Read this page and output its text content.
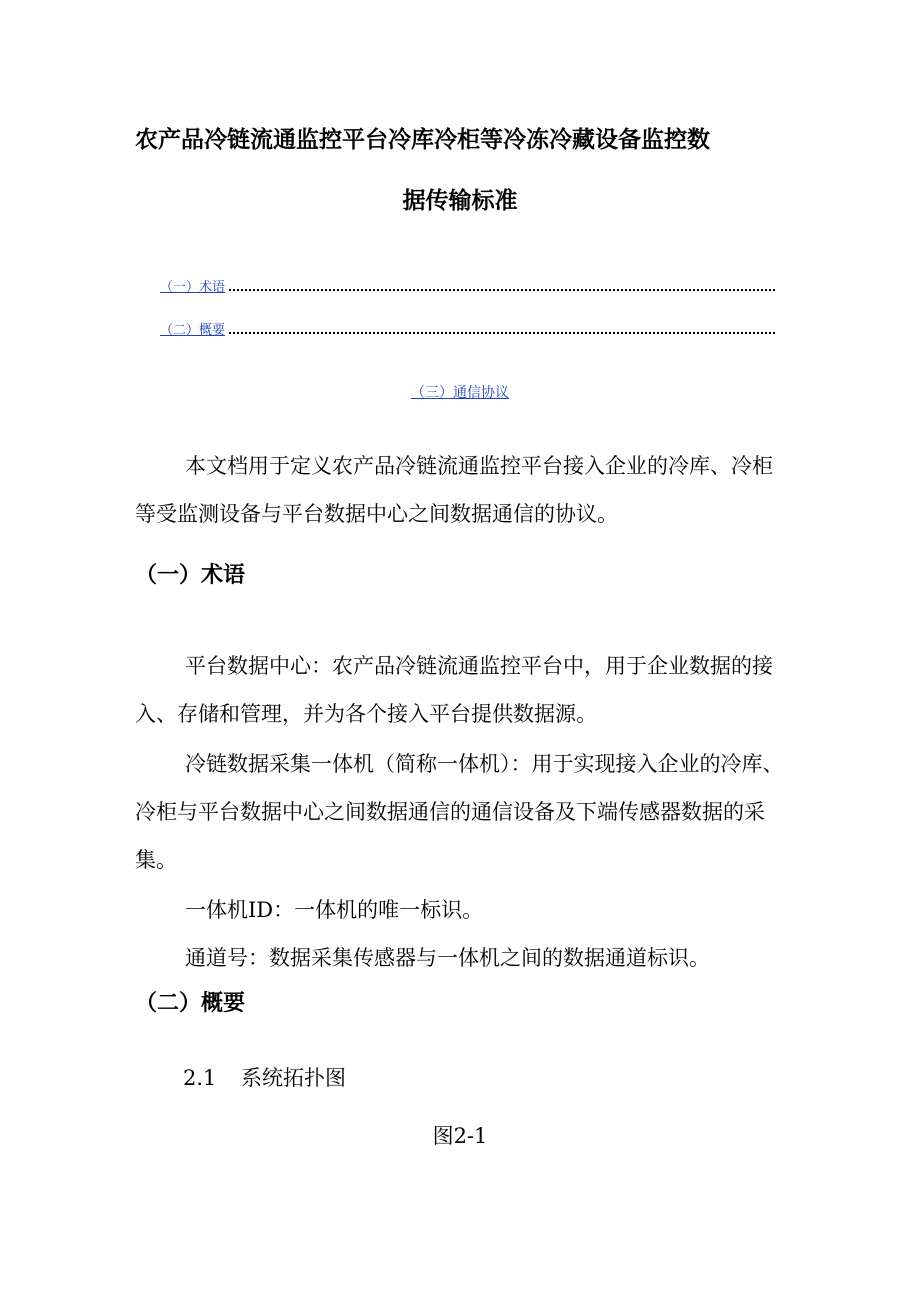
农产品冷链流通监控平台冷库冷柜等冷冻冷藏设备监控数
据传输标准
（一）术语
（二）概要
（三）通信协议

本文档用于定义农产品冷链流通监控平台接入企业的冷库、冷柜等受监测设备与平台数据中心之间数据通信的协议。

（一）术语

平台数据中心：农产品冷链流通监控平台中，用于企业数据的接入、存储和管理，并为各个接入平台提供数据源。

冷链数据采集一体机（简称一体机）：用于实现接入企业的冷库、冷柜与平台数据中心之间数据通信的通信设备及下端传感器数据的采集。

一体机ID：一体机的唯一标识。

通道号：数据采集传感器与一体机之间的数据通道标识。

（二）概要
2.1 系统拓扑图
图2-1
